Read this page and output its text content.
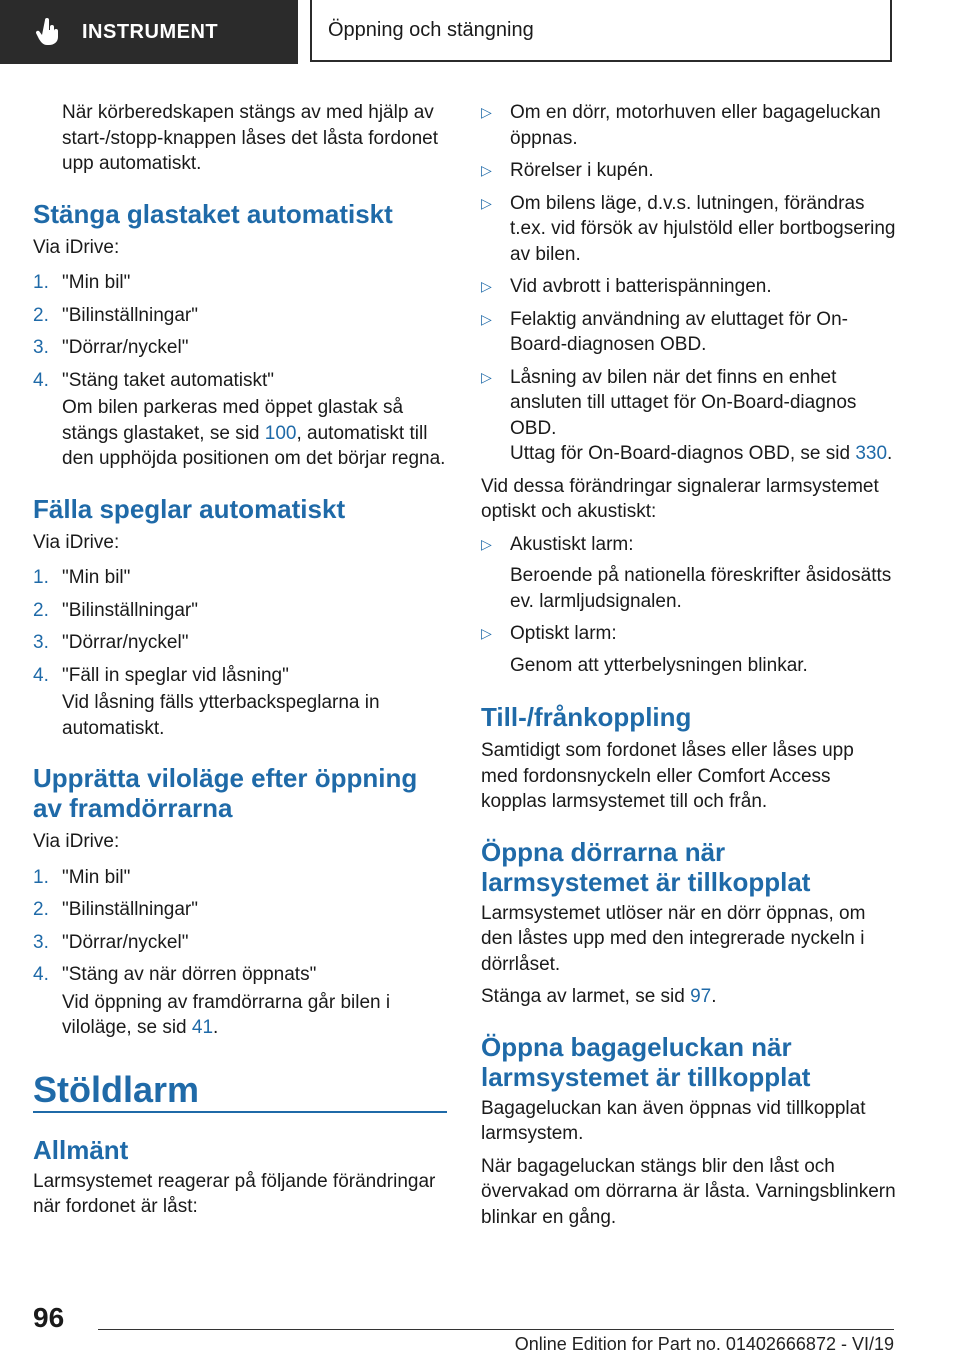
INSTRUMENT	Öppning och stängning

När körberedskapen stängs av med hjälp av start-/stopp-knappen låses det låsta fordonet upp automatiskt.

Stänga glastaket automatiskt

Via iDrive:

1. "Min bil"
2. "Bilinställningar"
3. "Dörrar/nyckel"
4. "Stäng taket automatiskt"

Om bilen parkeras med öppet glastak så stängs glastaket, se sid 100, automatiskt till den upphöjda positionen om det börjar regna.

Fälla speglar automatiskt

Via iDrive:

1. "Min bil"
2. "Bilinställningar"
3. "Dörrar/nyckel"
4. "Fäll in speglar vid låsning"

Vid låsning fälls ytterbackspeglarna in automatiskt.

Upprätta viloläge efter öppning av framdörrarna

Via iDrive:

1. "Min bil"
2. "Bilinställningar"
3. "Dörrar/nyckel"
4. "Stäng av när dörren öppnats"

Vid öppning av framdörrarna går bilen i viloläge, se sid 41.

Stöldlarm
Allmänt

Larmsystemet reagerar på följande förändringar när fordonet är låst:

▷ Om en dörr, motorhuven eller bagageluckan öppnas.
▷ Rörelser i kupén.
▷ Om bilens läge, d.v.s. lutningen, förändras t.ex. vid försök av hjulstöld eller bortbogsering av bilen.
▷ Vid avbrott i batterispänningen.
▷ Felaktig användning av eluttaget för On-Board-diagnosen OBD.
▷ Låsning av bilen när det finns en enhet ansluten till uttaget för On-Board-diagnos OBD.

Uttag för On-Board-diagnos OBD, se sid 330.

Vid dessa förändringar signalerar larmsystemet optiskt och akustiskt:

▷ Akustiskt larm:

Beroende på nationella föreskrifter åsidosätts ev. larmljudsignalen.

▷ Optiskt larm:

Genom att ytterbelysningen blinkar.

Till-/frånkoppling

Samtidigt som fordonet låses eller låses upp med fordonsnyckeln eller Comfort Access kopplas larmsystemet till och från.

Öppna dörrarna när larmsystemet är tillkopplat

Larmsystemet utlöser när en dörr öppnas, om den låstes upp med den integrerade nyckeln i dörrlåset.

Stänga av larmet, se sid 97.

Öppna bagageluckan när larmsystemet är tillkopplat

Bagageluckan kan även öppnas vid tillkopplat larmsystem.

När bagageluckan stängs blir den låst och övervakad om dörrarna är låsta. Varningsblinkern blinkar en gång.

96
Online Edition for Part no. 01402666872 - VI/19
